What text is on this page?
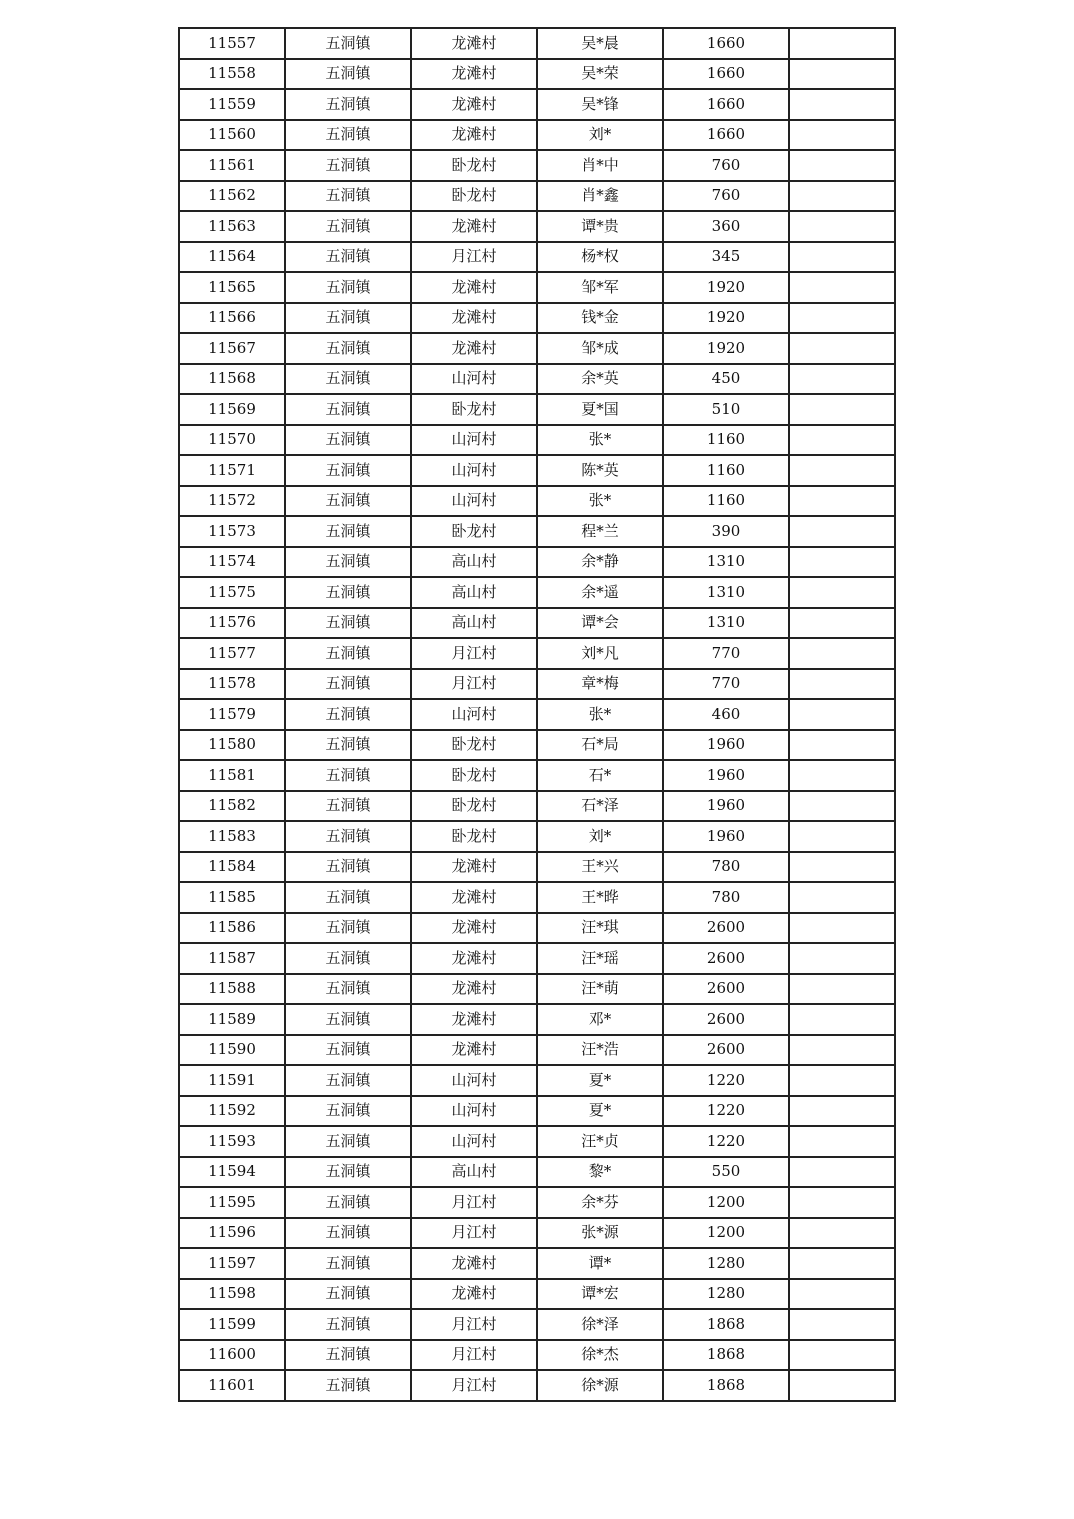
11557	五洞镇	龙滩村	吴*晨	1660	
11558	五洞镇	龙滩村	吴*荣	1660	
11559	五洞镇	龙滩村	吴*锋	1660	
11560	五洞镇	龙滩村	刘*	1660	
11561	五洞镇	卧龙村	肖*中	760	
11562	五洞镇	卧龙村	肖*鑫	760	
11563	五洞镇	龙滩村	谭*贵	360	
11564	五洞镇	月江村	杨*权	345	
11565	五洞镇	龙滩村	邹*军	1920	
11566	五洞镇	龙滩村	钱*金	1920	
11567	五洞镇	龙滩村	邹*成	1920	
11568	五洞镇	山河村	余*英	450	
11569	五洞镇	卧龙村	夏*国	510	
11570	五洞镇	山河村	张*	1160	
11571	五洞镇	山河村	陈*英	1160	
11572	五洞镇	山河村	张*	1160	
11573	五洞镇	卧龙村	程*兰	390	
11574	五洞镇	高山村	余*静	1310	
11575	五洞镇	高山村	余*遥	1310	
11576	五洞镇	高山村	谭*会	1310	
11577	五洞镇	月江村	刘*凡	770	
11578	五洞镇	月江村	章*梅	770	
11579	五洞镇	山河村	张*	460	
11580	五洞镇	卧龙村	石*局	1960	
11581	五洞镇	卧龙村	石*	1960	
11582	五洞镇	卧龙村	石*泽	1960	
11583	五洞镇	卧龙村	刘*	1960	
11584	五洞镇	龙滩村	王*兴	780	
11585	五洞镇	龙滩村	王*晔	780	
11586	五洞镇	龙滩村	汪*琪	2600	
11587	五洞镇	龙滩村	汪*瑶	2600	
11588	五洞镇	龙滩村	汪*萌	2600	
11589	五洞镇	龙滩村	邓*	2600	
11590	五洞镇	龙滩村	汪*浩	2600	
11591	五洞镇	山河村	夏*	1220	
11592	五洞镇	山河村	夏*	1220	
11593	五洞镇	山河村	汪*贞	1220	
11594	五洞镇	高山村	黎*	550	
11595	五洞镇	月江村	余*芬	1200	
11596	五洞镇	月江村	张*源	1200	
11597	五洞镇	龙滩村	谭*	1280	
11598	五洞镇	龙滩村	谭*宏	1280	
11599	五洞镇	月江村	徐*泽	1868	
11600	五洞镇	月江村	徐*杰	1868	
11601	五洞镇	月江村	徐*源	1868	
